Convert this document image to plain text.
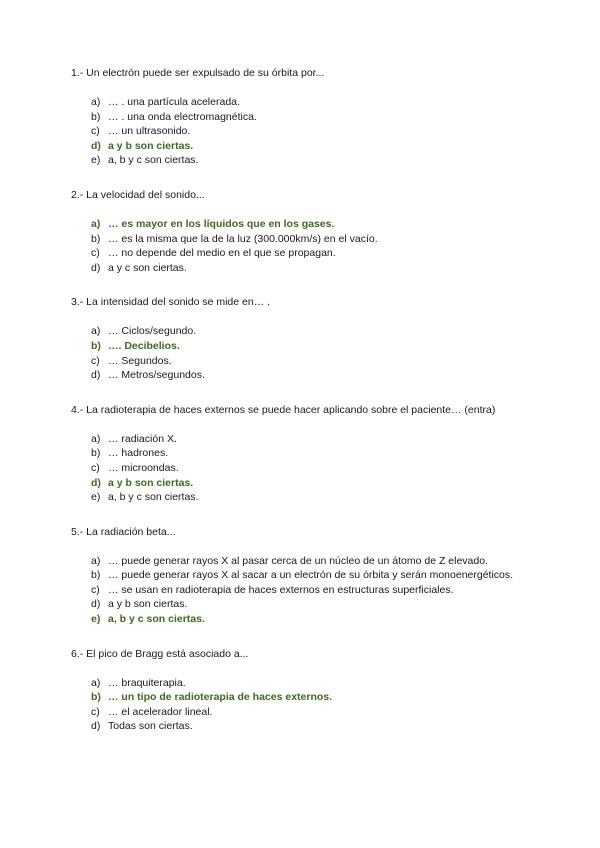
1.- Un electrón puede ser expulsado de su órbita por...

a) … . una partícula acelerada.
b) … . una onda electromagnética.
c) … un ultrasonido.
d) a y b son ciertas.
e) a, b y c son ciertas.

2.- La velocidad del sonido...

a) … es mayor en los líquidos que en los gases.
b) … es la misma que la de la luz (300.000km/s) en el vacío.
c) … no depende del medio en el que se propagan.
d) a y c son ciertas.

3.- La intensidad del sonido se mide en… .

a) … Ciclos/segundo.
b) …. Decibelios.
c) … Segundos.
d) … Metros/segundos.

4.- La radioterapia de haces externos se puede hacer aplicando sobre el paciente… (entra)

a) … radiación X.
b) … hadrones.
c) … microondas.
d) a y b son ciertas.
e) a, b y c son ciertas.

5.- La radiación beta...

a) … puede generar rayos X al pasar cerca de un núcleo de un átomo de Z elevado.
b) … puede generar rayos X al sacar a un electrón de su órbita y serán monoenergéticos.
c) … se usan en radioterapia de haces externos en estructuras superficiales.
d) a y b son ciertas.
e) a, b y c son ciertas.

6.- El pico de Bragg está asociado a...

a) … braquiterapia.
b) … un tipo de radioterapia de haces externos.
c) … el acelerador lineal.
d) Todas son ciertas.
